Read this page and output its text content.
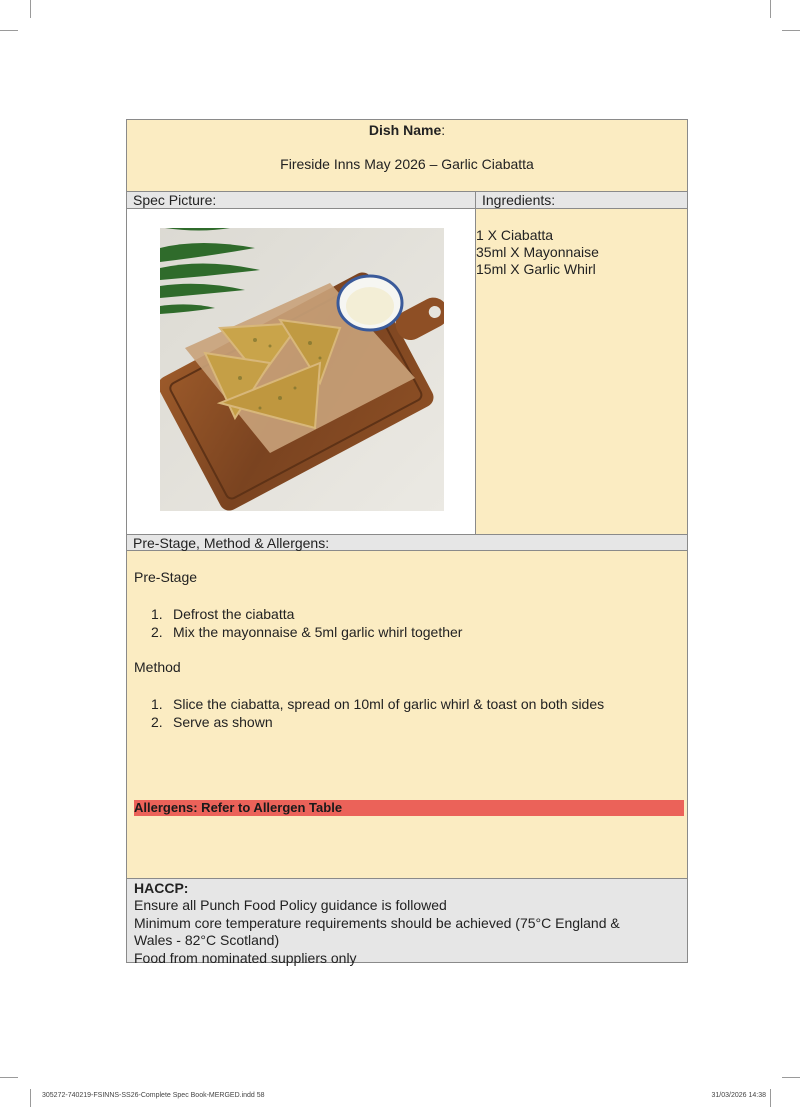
Dish Name:
Fireside Inns May 2026 – Garlic Ciabatta
Spec Picture:	Ingredients:
1 X Ciabatta
35ml X Mayonnaise
15ml X Garlic Whirl
Pre-Stage, Method & Allergens:
Pre-Stage
1. Defrost the ciabatta
2. Mix the mayonnaise & 5ml garlic whirl together
Method
1. Slice the ciabatta, spread on 10ml of garlic whirl & toast on both sides
2. Serve as shown
Allergens: Refer to Allergen Table
HACCP:
Ensure all Punch Food Policy guidance is followed
Minimum core temperature requirements should be achieved (75°C England &
Wales - 82°C Scotland)
Food from nominated suppliers only
305272-740219-FSINNS-SS26-Complete Spec Book-MERGED.indd 58	31/03/2026 14:38
